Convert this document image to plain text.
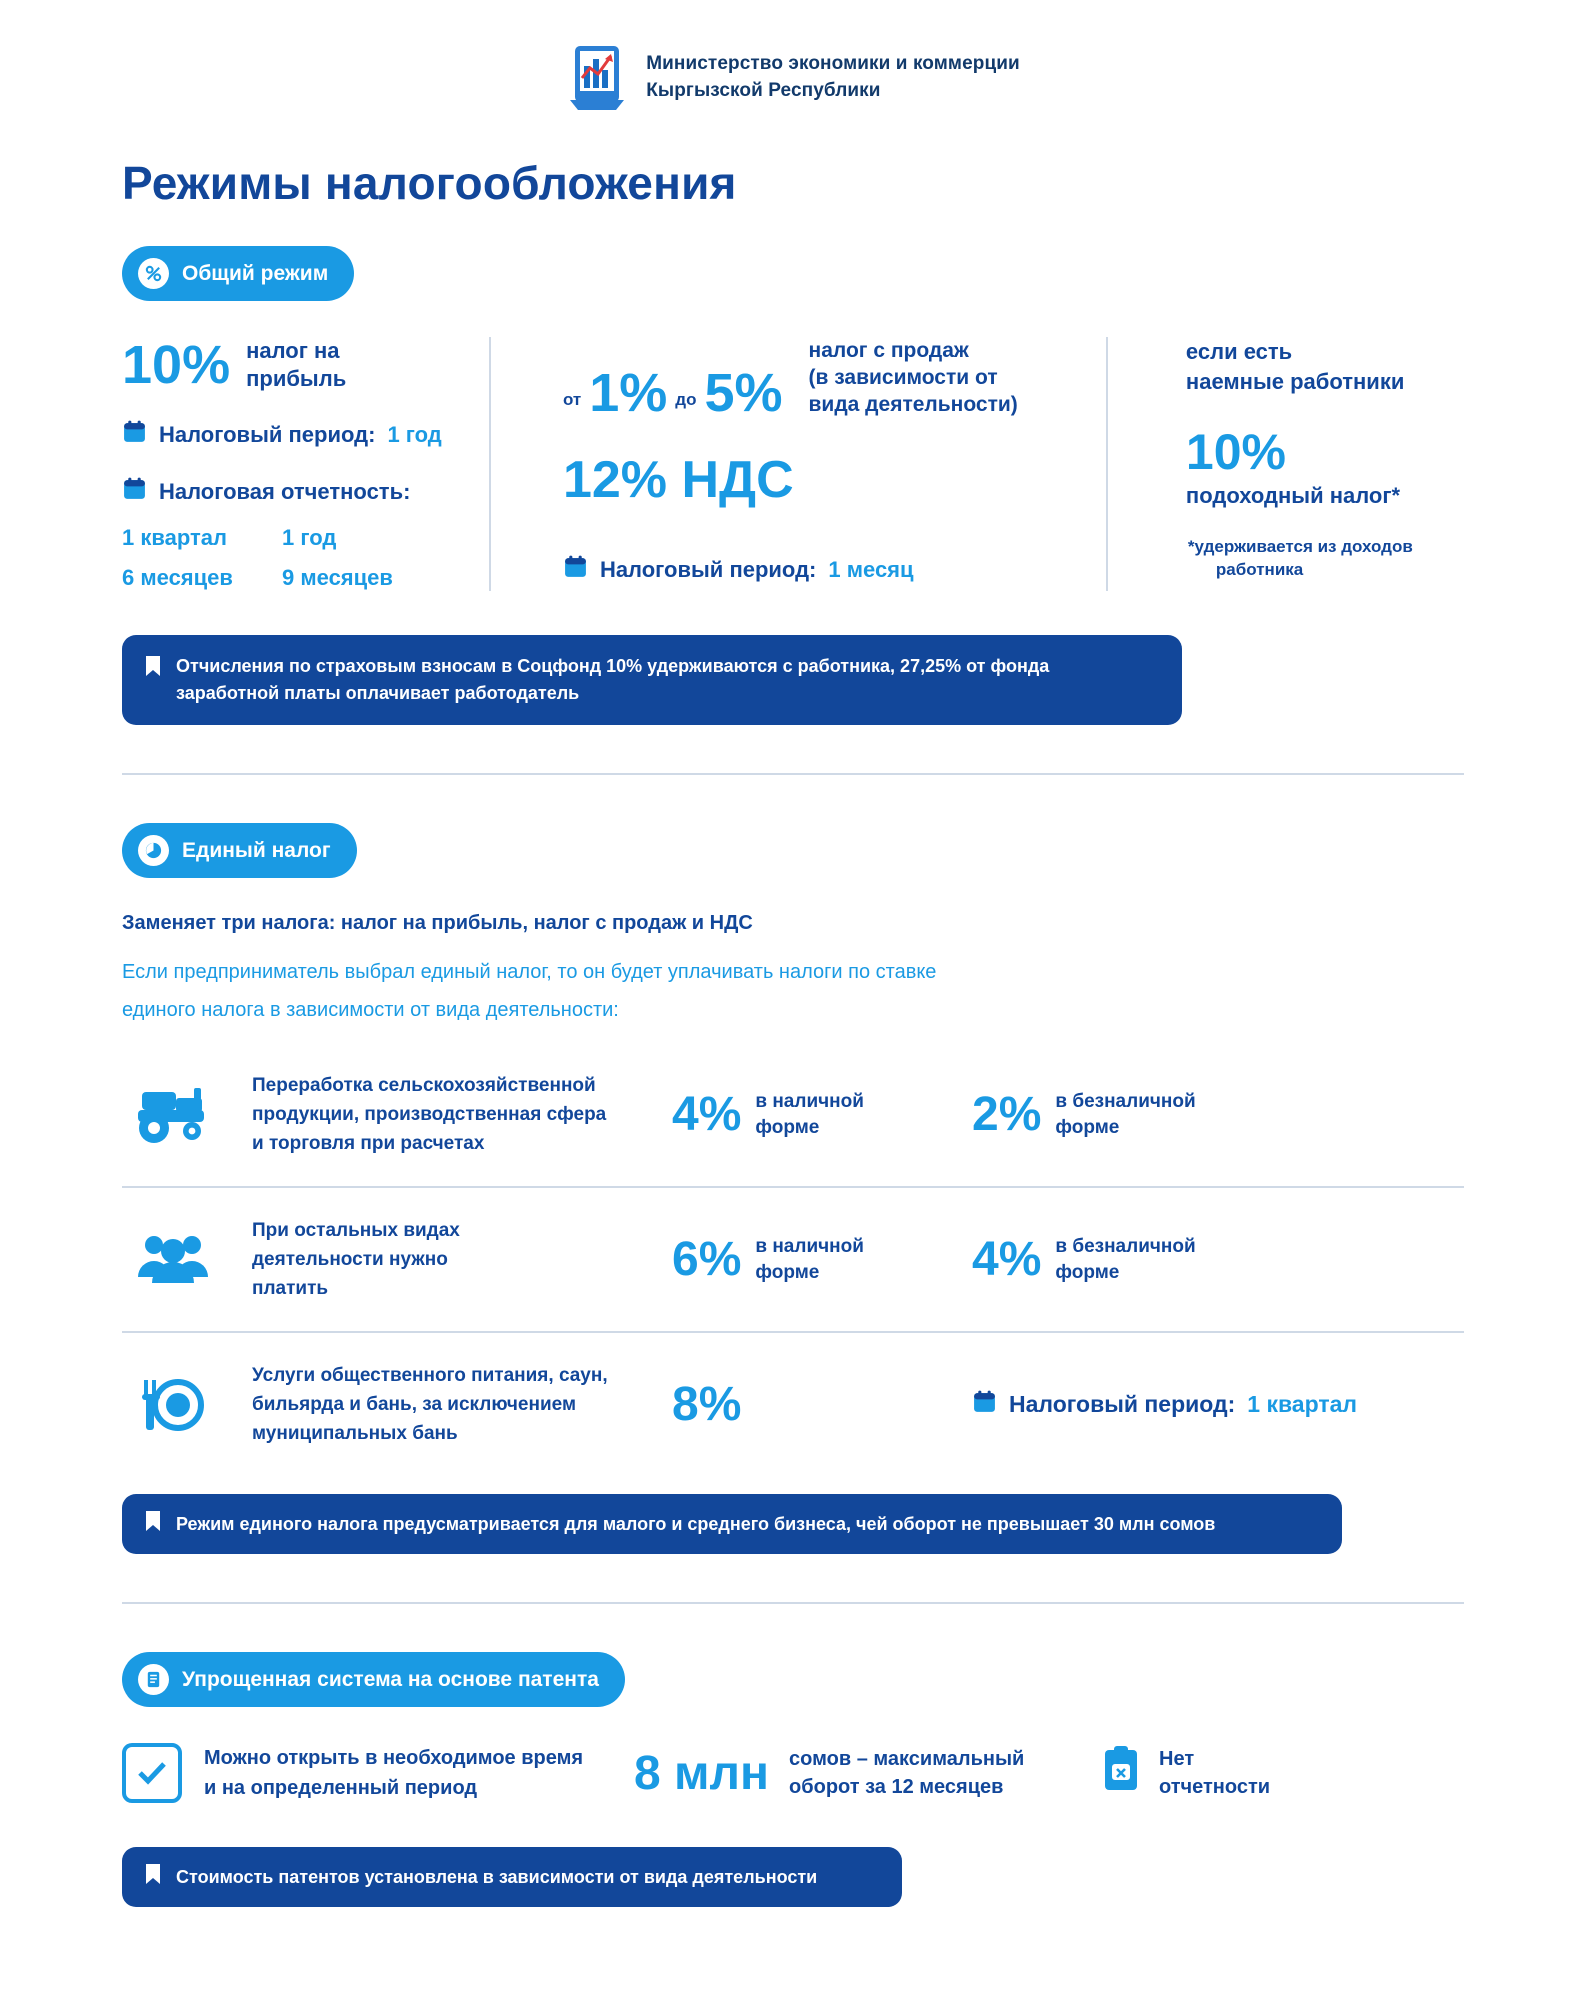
Министерство экономики и коммерции
Кыргызской Республики
Режимы налогообложения
Общий режим
10% налог на
прибыль
Налоговый период: 1 год
Налоговая отчетность:
1 квартал	1 год
6 месяцев	9 месяцев
от 1% до 5%
налог с продаж
(в зависимости от
вида деятельности)
12% НДС
Налоговый период: 1 месяц
если есть
наемные работники
10%
подоходный налог*
*удерживается из доходов
работника
Отчисления по страховым взносам в Соцфонд 10% удерживаются с работника, 27,25% от фонда заработной платы оплачивает работодатель
Единый налог
Заменяет три налога: налог на прибыль, налог с продаж и НДС
Если предприниматель выбрал единый налог, то он будет уплачивать налоги по ставке
единого налога в зависимости от вида деятельности:
Переработка сельскохозяйственной
продукции, производственная сфера
и торговля при расчетах
4% в наличной
форме	2% в безналичной
форме
При остальных видах
деятельности нужно
платить
6% в наличной
форме	4% в безналичной
форме
Услуги общественного питания, саун,
бильярда и бань, за исключением
муниципальных бань
8%	Налоговый период: 1 квартал
Режим единого налога предусматривается для малого и среднего бизнеса, чей оборот не превышает 30 млн сомов
Упрощенная система на основе патента
Можно открыть в необходимое время
и на определенный период	8 млн сомов – максимальный
оборот за 12 месяцев
Нет
отчетности
Стоимость патентов установлена в зависимости от вида деятельности
